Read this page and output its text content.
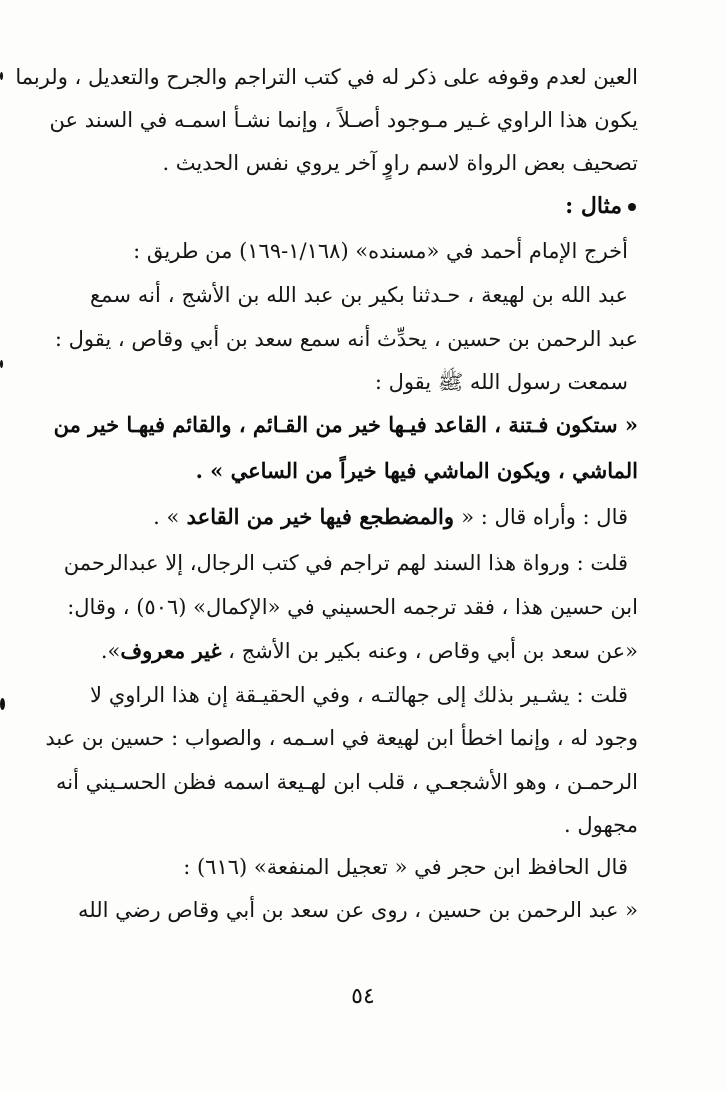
العين لعدم وقوفه على ذكر له في كتب التراجم والجرح والتعديل ، ولربما
يكون هذا الراوي غـير مـوجود أصـلاً ، وإنما نشـأ اسمـه في السند عن
تصحيف بعض الرواة لاسم راوٍ آخر يروي نفس الحديث .
مثال :
أخرج الإمام أحمد في «مسنده» (١/١٦٨-١٦٩) من طريق :
عبد الله بن لهيعة ، حـدثنا بكير بن عبد الله بن الأشج ، أنه سمع
عبد الرحمن بن حسين ، يحدِّث أنه سمع سعد بن أبي وقاص ، يقول :
سمعت رسول الله ﷺ يقول :
« ستكون فـتنة ، القاعد فيـها خير من القـائم ، والقائم فيهـا خير من
الماشي ، ويكون الماشي فيها خيراً من الساعي » .
قال : وأراه قال : « والمضطجع فيها خير من القاعد » .
قلت : ورواة هذا السند لهم تراجم في كتب الرجال، إلا عبدالرحمن
ابن حسين هذا ، فقد ترجمه الحسيني في «الإكمال» (٥٠٦) ، وقال:
«عن سعد بن أبي وقاص ، وعنه بكير بن الأشج ، غير معروف».
قلت : يشـير بذلك إلى جهالتـه ، وفي الحقيـقة إن هذا الراوي لا
وجود له ، وإنما اخطأ ابن لهيعة في اسـمه ، والصواب : حسين بن عبد
الرحمـن ، وهو الأشجعـي ، قلب ابن لهـيعة اسمه فظن الحسـيني أنه
مجهول .
قال الحافظ ابن حجر في « تعجيل المنفعة» (٦١٦) :
« عبد الرحمن بن حسين ، روى عن سعد بن أبي وقاص رضي الله
٥٤
